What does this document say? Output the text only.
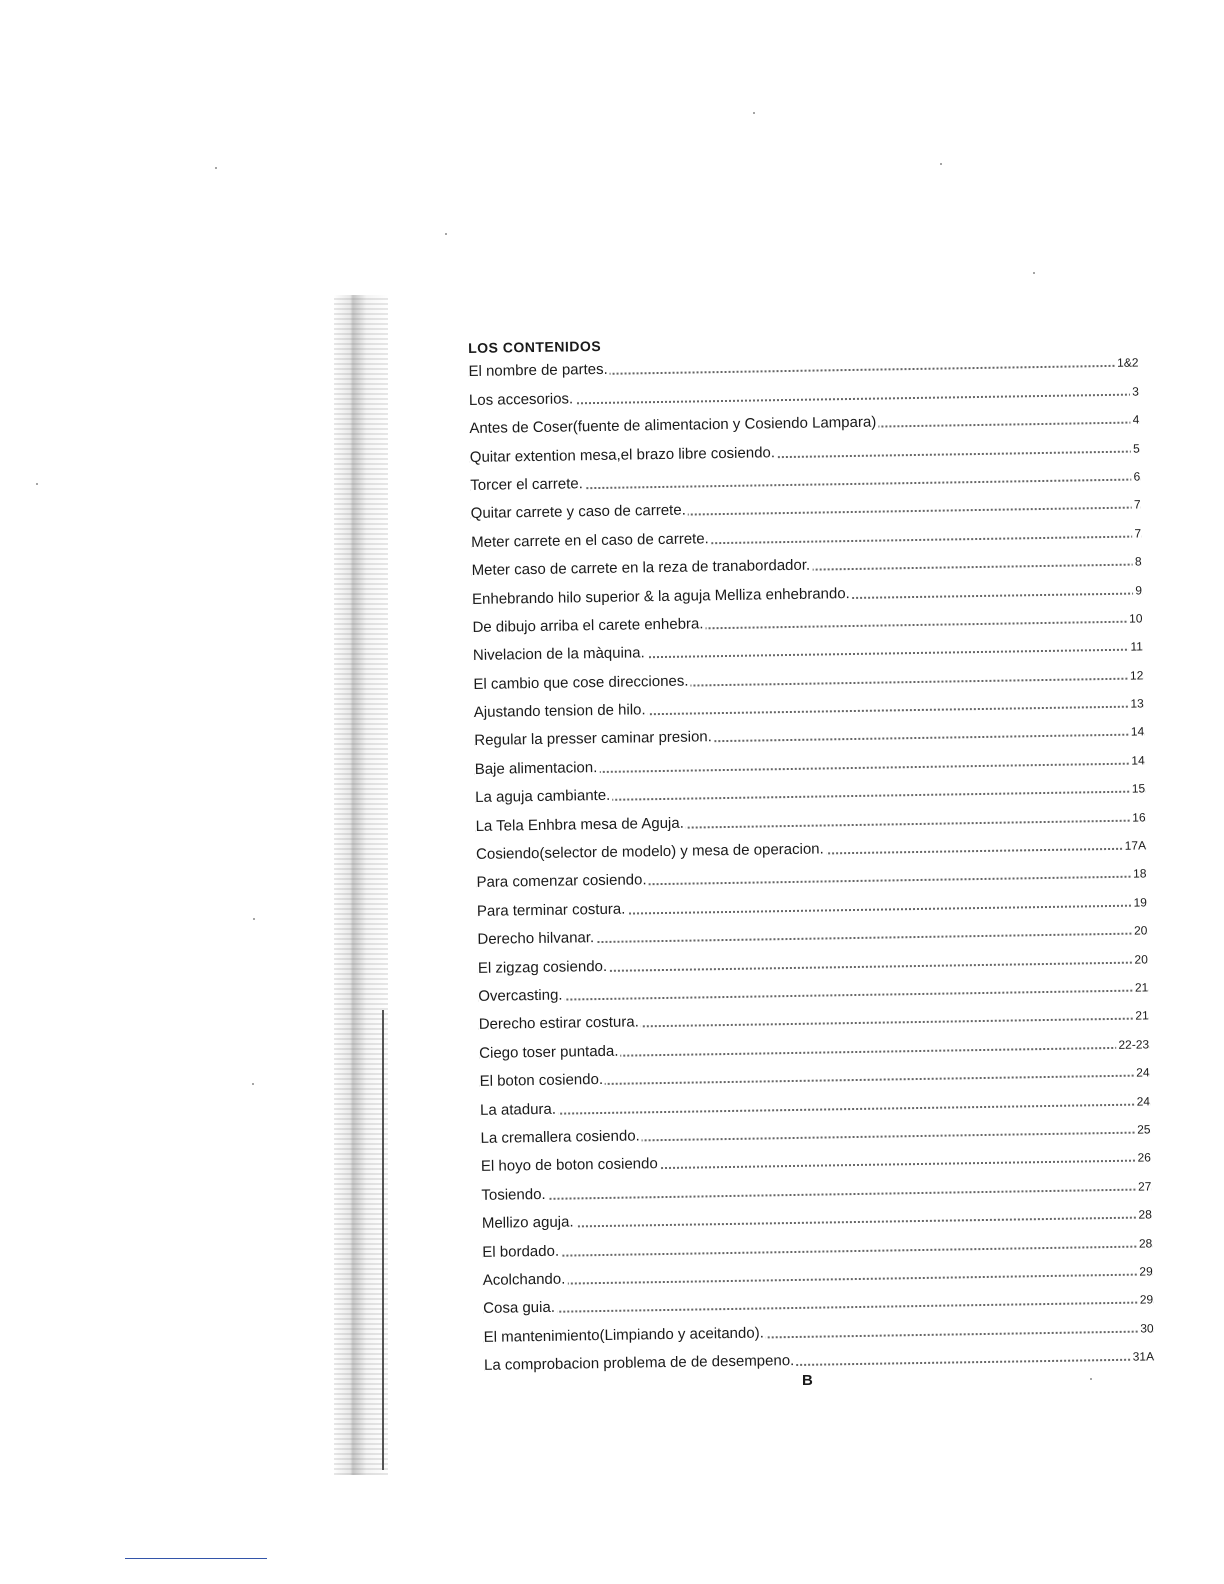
LOS CONTENIDOS
El nombre de partes.	1&2
Los accesorios.	3
Antes de Coser(fuente de alimentacion y Cosiendo Lampara)	4
Quitar extention mesa,el brazo libre cosiendo.	5
Torcer el carrete.	6
Quitar carrete y caso de carrete.	7
Meter carrete en el caso de carrete.	7
Meter caso de carrete en la reza de tranabordador.	8
Enhebrando hilo superior & la aguja Melliza enhebrando.	9
De dibujo arriba el carete enhebra.	10
Nivelacion de la màquina.	11
El cambio que cose direcciones.	12
Ajustando tension de hilo.	13
Regular la presser caminar presion.	14
Baje alimentacion.	14
La aguja cambiante.	15
La Tela Enhbra mesa de Aguja.	16
Cosiendo(selector de modelo) y mesa de operacion.	17A
Para comenzar cosiendo.	18
Para terminar costura.	19
Derecho hilvanar.	20
El zigzag cosiendo.	20
Overcasting.	21
Derecho estirar costura.	21
Ciego toser puntada.	22-23
El boton cosiendo.	24
La atadura.	24
La cremallera cosiendo.	25
El hoyo de boton cosiendo	26
Tosiendo.	27
Mellizo aguja.	28
El bordado.	28
Acolchando.	29
Cosa guia.	29
El mantenimiento(Limpiando y aceitando).	30
La comprobacion problema de de desempeno.	31A
B
